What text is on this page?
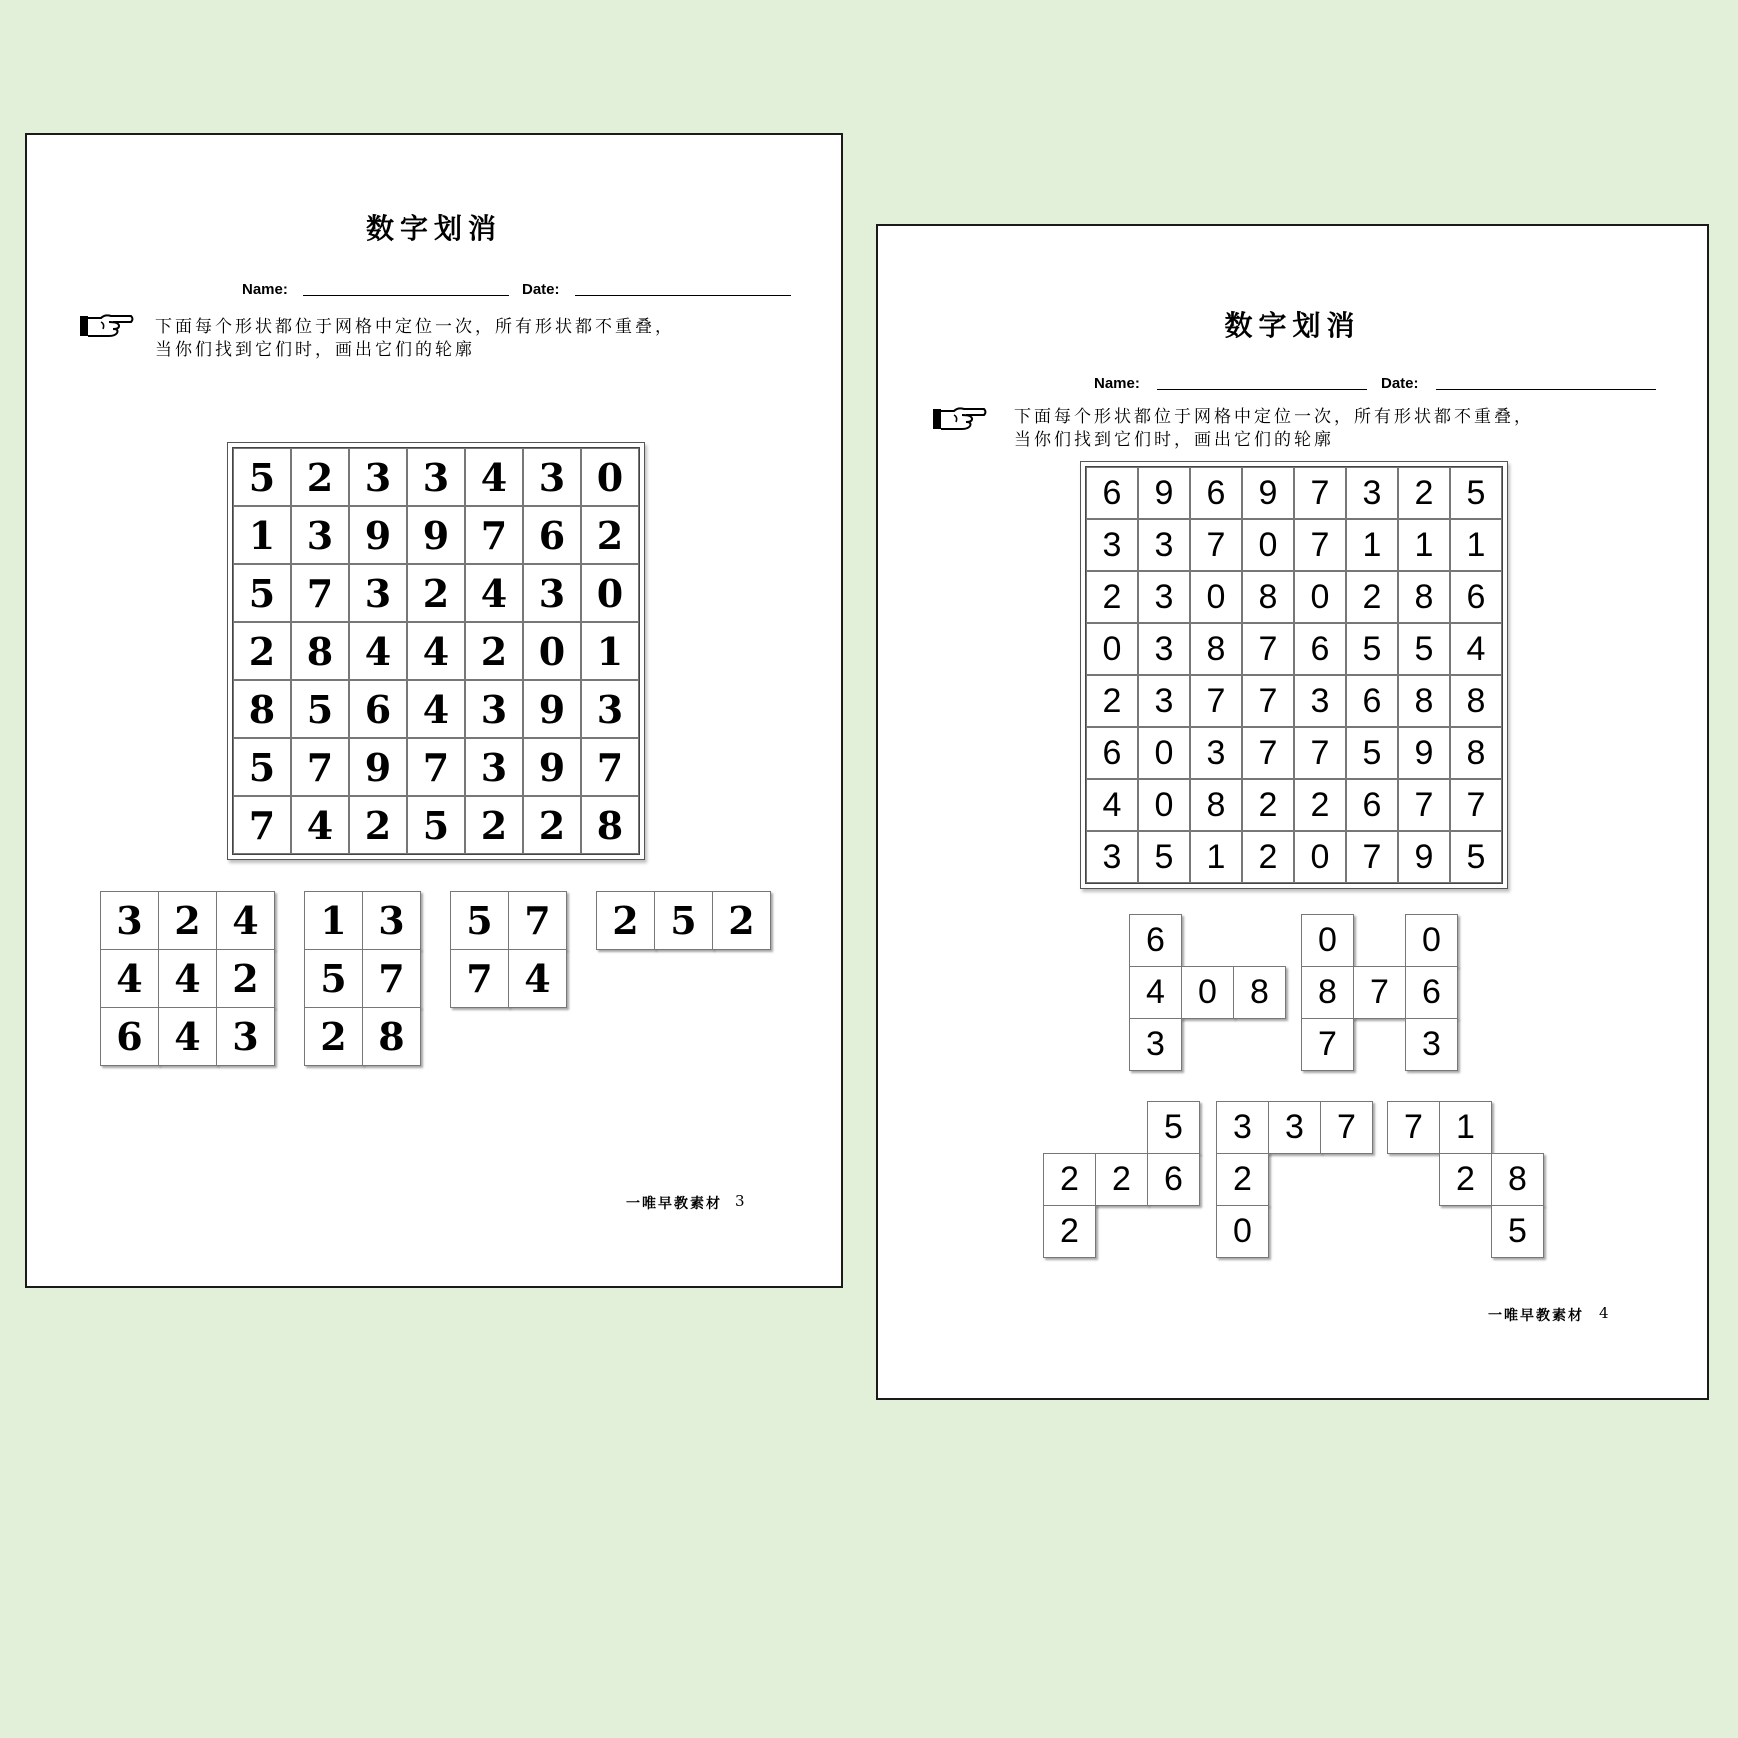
数字划消
Name:	Date:
下面每个形状都位于网格中定位一次，所有形状都不重叠，
当你们找到它们时，画出它们的轮廓
5 2 3 3 4 3 0
1 3 9 9 7 6 2
5 7 3 2 4 3 0
2 8 4 4 2 0 1
8 5 6 4 3 9 3
5 7 9 7 3 9 7
7 4 2 5 2 2 8
3 2 4
4 4 2
6 4 3
1 3
5 7
2 8
5 7
7 4
2 5 2
一唯早教素材 3
数字划消
Name:	Date:
下面每个形状都位于网格中定位一次，所有形状都不重叠，
当你们找到它们时，画出它们的轮廓
6 9 6 9 7 3 2 5
3 3 7 0 7 1 1 1
2 3 0 8 0 2 8 6
0 3 8 7 6 5 5 4
2 3 7 7 3 6 8 8
6 0 3 7 7 5 9 8
4 0 8 2 2 6 7 7
3 5 1 2 0 7 9 5
6
4 0 8
3
0	0
8 7 6
7	3
5
2 2 6
2
3 3 7
2
0
7 1
2 8
5
一唯早教素材 4
